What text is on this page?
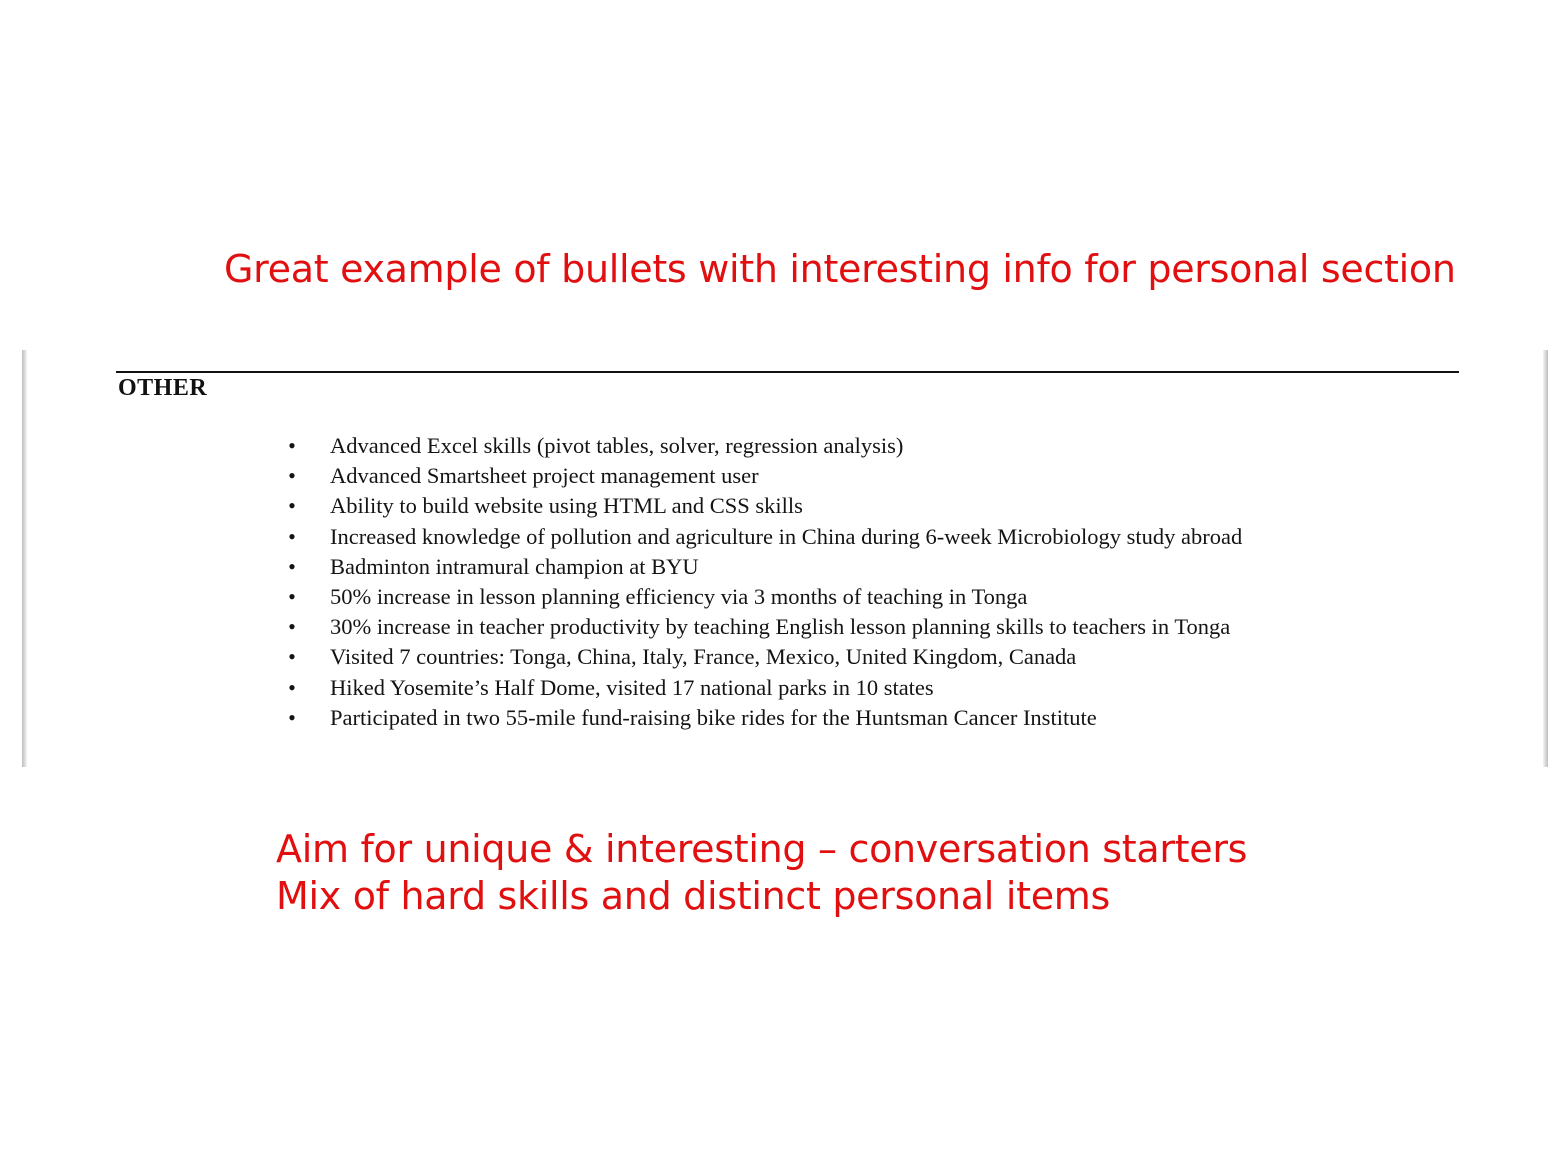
Great example of bullets with interesting info for personal section

OTHER
• Advanced Excel skills (pivot tables, solver, regression analysis)
• Advanced Smartsheet project management user
• Ability to build website using HTML and CSS skills
• Increased knowledge of pollution and agriculture in China during 6-week Microbiology study abroad
• Badminton intramural champion at BYU
• 50% increase in lesson planning efficiency via 3 months of teaching in Tonga
• 30% increase in teacher productivity by teaching English lesson planning skills to teachers in Tonga
• Visited 7 countries: Tonga, China, Italy, France, Mexico, United Kingdom, Canada
• Hiked Yosemite’s Half Dome, visited 17 national parks in 10 states
• Participated in two 55-mile fund-raising bike rides for the Huntsman Cancer Institute
Aim for unique & interesting – conversation starters
Mix of hard skills and distinct personal items
